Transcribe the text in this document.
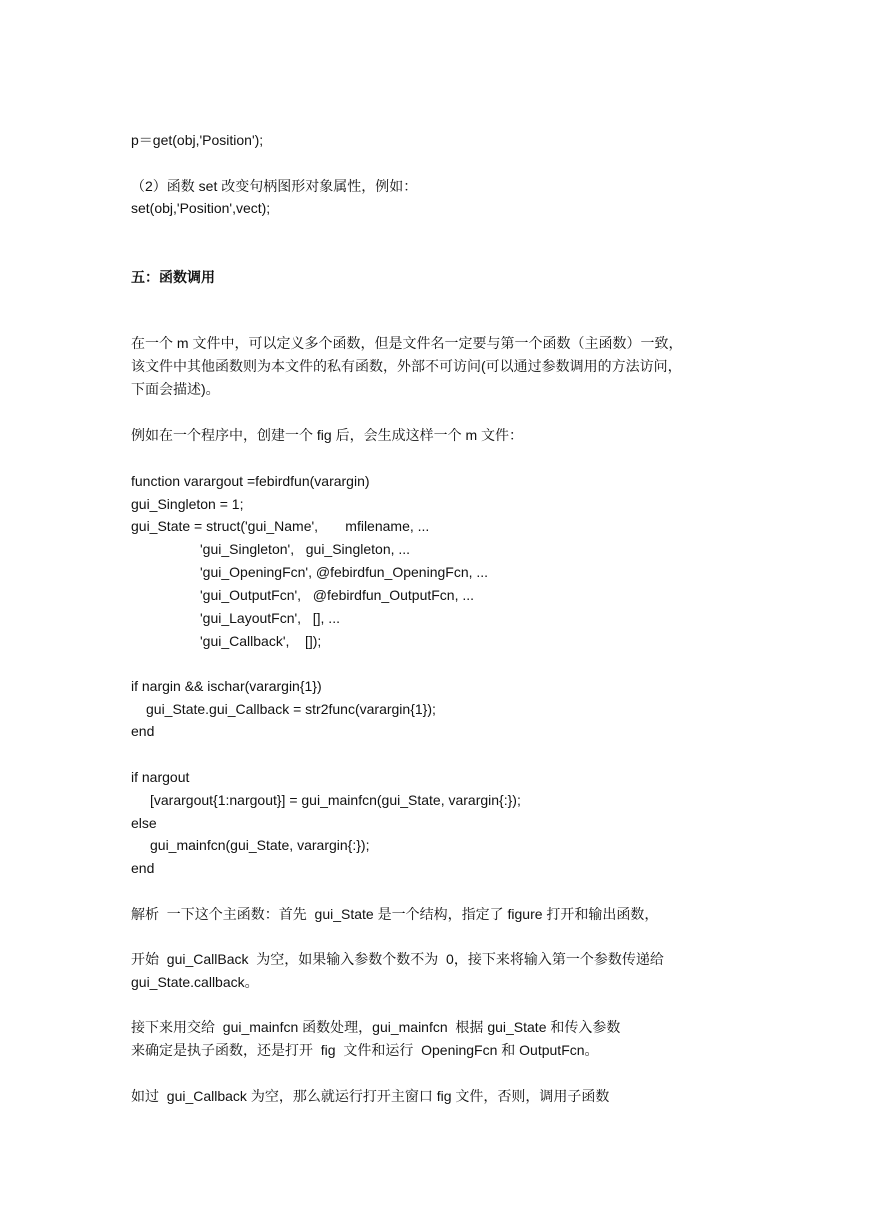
p＝get(obj,'Position');
（2）函数 set 改变句柄图形对象属性，例如：
set(obj,'Position',vect);
五：函数调用
在一个 m 文件中，可以定义多个函数，但是文件名一定要与第一个函数（主函数）一致，
该文件中其他函数则为本文件的私有函数，外部不可访问(可以通过参数调用的方法访问，
下面会描述)。
例如在一个程序中，创建一个 fig 后，会生成这样一个 m 文件：
function varargout =febirdfun(varargin)
gui_Singleton = 1;
gui_State = struct('gui_Name',       mfilename, ...
'gui_Singleton',   gui_Singleton, ...
'gui_OpeningFcn', @febirdfun_OpeningFcn, ...
'gui_OutputFcn',   @febirdfun_OutputFcn, ...
'gui_LayoutFcn',   [], ...
'gui_Callback',    []);
if nargin && ischar(varargin{1})
gui_State.gui_Callback = str2func(varargin{1});
end
if nargout
[varargout{1:nargout}] = gui_mainfcn(gui_State, varargin{:});
else
gui_mainfcn(gui_State, varargin{:});
end
解析  一下这个主函数：首先  gui_State 是一个结构，指定了 figure 打开和输出函数，
开始  gui_CallBack  为空，如果输入参数个数不为  0，接下来将输入第一个参数传递给
gui_State.callback。
接下来用交给  gui_mainfcn 函数处理，gui_mainfcn  根据 gui_State 和传入参数
来确定是执子函数，还是打开  fig  文件和运行  OpeningFcn 和 OutputFcn。
如过  gui_Callback 为空，那么就运行打开主窗口 fig 文件，否则，调用子函数
